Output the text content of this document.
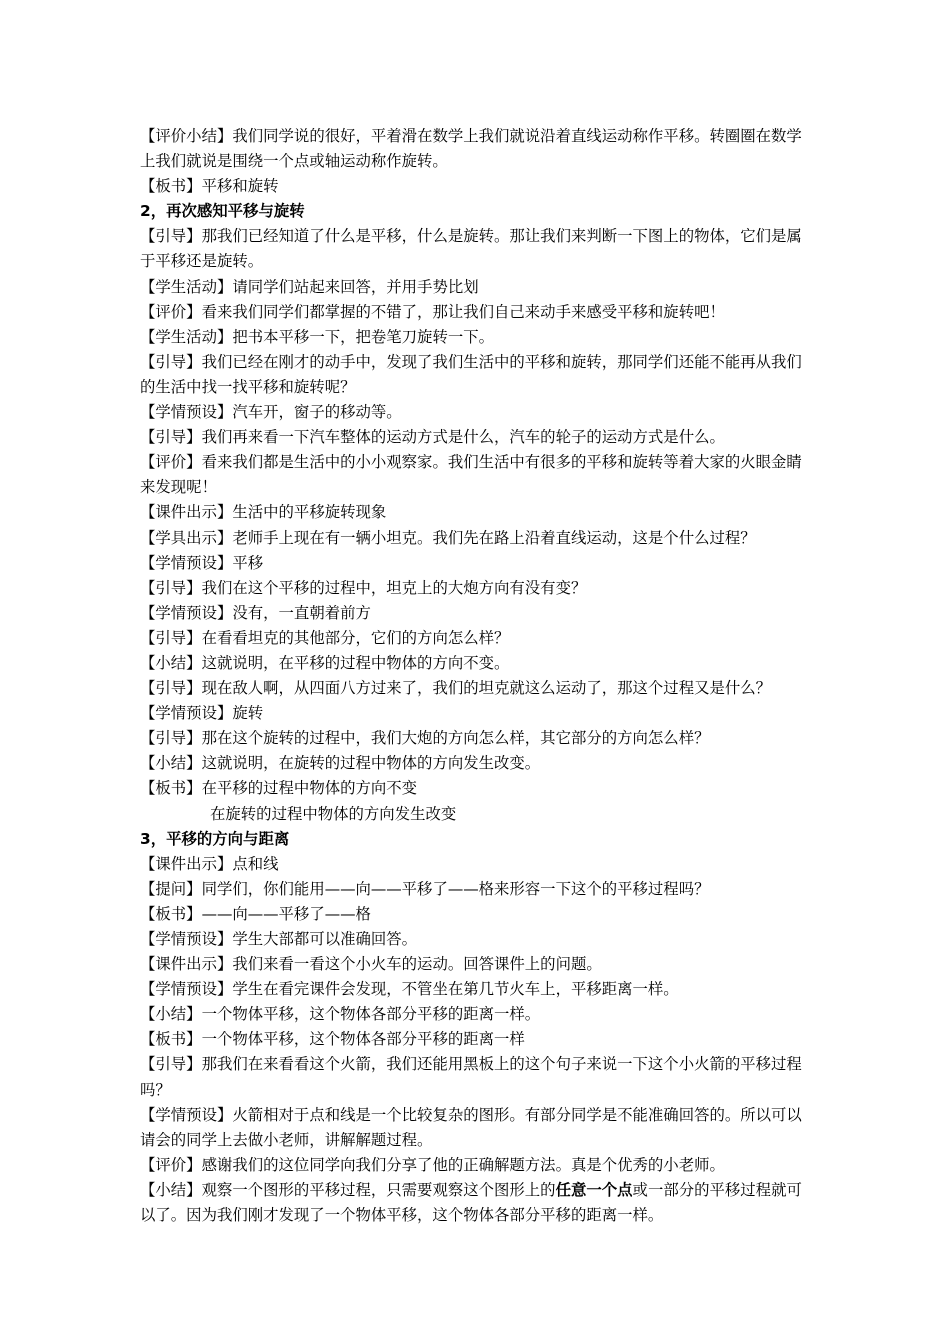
【评价小结】我们同学说的很好，平着滑在数学上我们就说沿着直线运动称作平移。转圈圈在数学上我们就说是围绕一个点或轴运动称作旋转。

【板书】平移和旋转

2，再次感知平移与旋转

【引导】那我们已经知道了什么是平移，什么是旋转。那让我们来判断一下图上的物体，它们是属于平移还是旋转。

【学生活动】请同学们站起来回答，并用手势比划

【评价】看来我们同学们都掌握的不错了，那让我们自己来动手来感受平移和旋转吧！

【学生活动】把书本平移一下，把卷笔刀旋转一下。

【引导】我们已经在刚才的动手中，发现了我们生活中的平移和旋转，那同学们还能不能再从我们的生活中找一找平移和旋转呢？

【学情预设】汽车开，窗子的移动等。

【引导】我们再来看一下汽车整体的运动方式是什么，汽车的轮子的运动方式是什么。

【评价】看来我们都是生活中的小小观察家。我们生活中有很多的平移和旋转等着大家的火眼金睛来发现呢！

【课件出示】生活中的平移旋转现象

【学具出示】老师手上现在有一辆小坦克。我们先在路上沿着直线运动，这是个什么过程？

【学情预设】平移

【引导】我们在这个平移的过程中，坦克上的大炮方向有没有变？

【学情预设】没有，一直朝着前方

【引导】在看看坦克的其他部分，它们的方向怎么样？

【小结】这就说明，在平移的过程中物体的方向不变。

【引导】现在敌人啊，从四面八方过来了，我们的坦克就这么运动了，那这个过程又是什么？

【学情预设】旋转

【引导】那在这个旋转的过程中，我们大炮的方向怎么样，其它部分的方向怎么样？

【小结】这就说明，在旋转的过程中物体的方向发生改变。

【板书】在平移的过程中物体的方向不变

在旋转的过程中物体的方向发生改变

3，平移的方向与距离

【课件出示】点和线

【提问】同学们，你们能用——向——平移了——格来形容一下这个的平移过程吗？

【板书】——向——平移了——格

【学情预设】学生大部都可以准确回答。

【课件出示】我们来看一看这个小火车的运动。回答课件上的问题。

【学情预设】学生在看完课件会发现，不管坐在第几节火车上，平移距离一样。

【小结】一个物体平移，这个物体各部分平移的距离一样。

【板书】一个物体平移，这个物体各部分平移的距离一样

【引导】那我们在来看看这个火箭，我们还能用黑板上的这个句子来说一下这个小火箭的平移过程吗？

【学情预设】火箭相对于点和线是一个比较复杂的图形。有部分同学是不能准确回答的。所以可以请会的同学上去做小老师，讲解解题过程。

【评价】感谢我们的这位同学向我们分享了他的正确解题方法。真是个优秀的小老师。

【小结】观察一个图形的平移过程，只需要观察这个图形上的任意一个点或一部分的平移过程就可以了。因为我们刚才发现了一个物体平移，这个物体各部分平移的距离一样。
